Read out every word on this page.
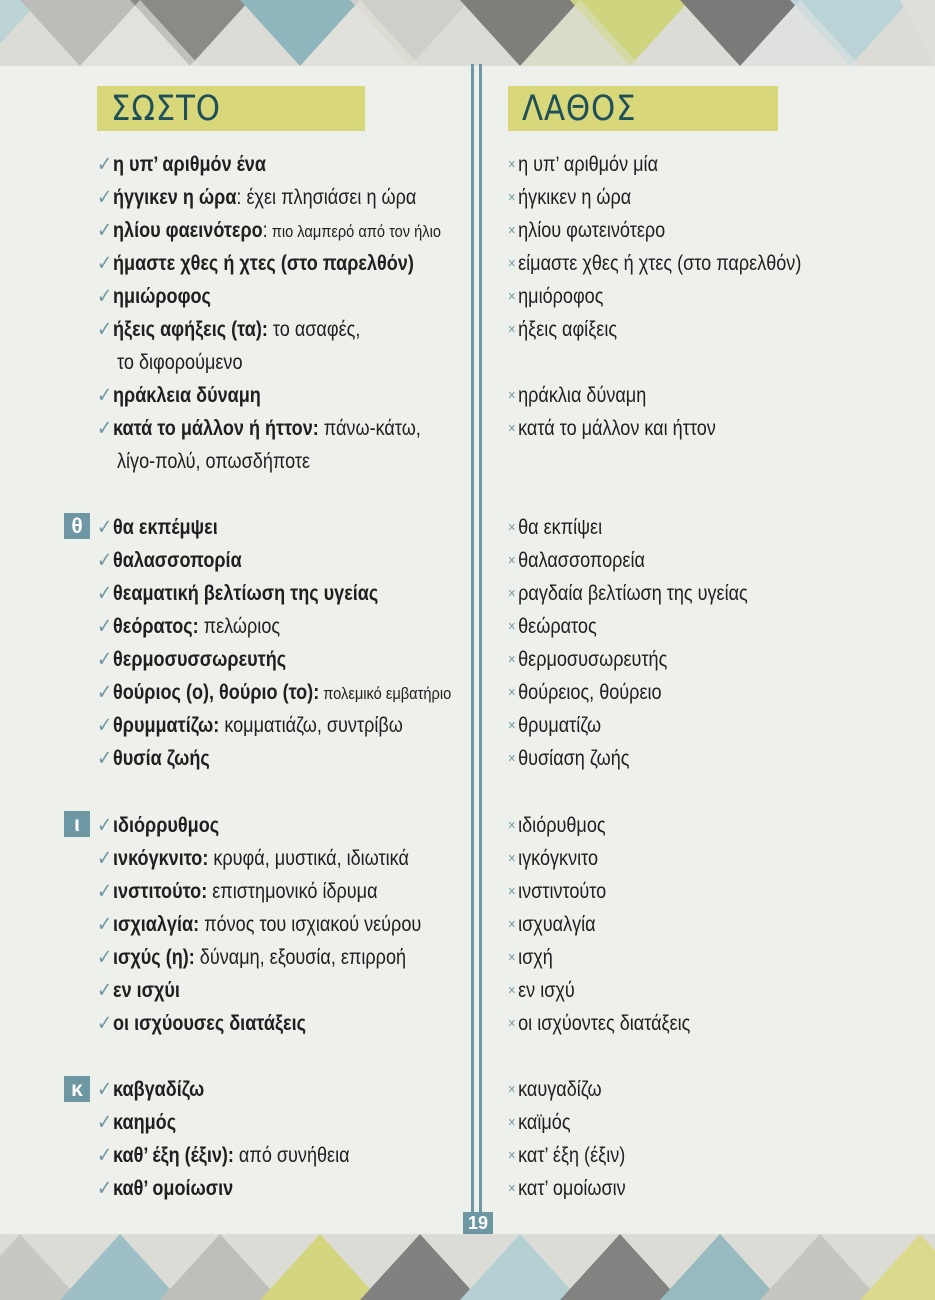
ΣΩΣΤΟ	ΛΑΘΟΣ
θ
ι
κ
✓η υπ’ αριθμόν ένα
✓ήγγικεν η ώρα: έχει πλησιάσει η ώρα
✓ηλίου φαεινότερο: πιο λαμπερό από τον ήλιο
✓ήμαστε χθες ή χτες (στο παρελθόν)
✓ημιώροφος
✓ήξεις αφήξεις (τα): το ασαφές,
το διφορούμενο
✓ηράκλεια δύναμη
✓κατά το μάλλον ή ήττον: πάνω-κάτω,
λίγο-πολύ, οπωσδήποτε
✓θα εκπέμψει
✓θαλασσοπορία
✓θεαματική βελτίωση της υγείας
✓θεόρατος: πελώριος
✓θερμοσυσσωρευτής
✓θούριος (ο), θούριο (το): πολεμικό εμβατήριο
✓θρυμματίζω: κομματιάζω, συντρίβω
✓θυσία ζωής
✓ιδιόρρυθμος
✓ινκόγκνιτο: κρυφά, μυστικά, ιδιωτικά
✓ινστιτούτο: επιστημονικό ίδρυμα
✓ισχιαλγία: πόνος του ισχιακού νεύρου
✓ισχύς (η): δύναμη, εξουσία, επιρροή
✓εν ισχύι
✓οι ισχύουσες διατάξεις
✓καβγαδίζω
✓καημός
✓καθ’ έξη (έξιν): από συνήθεια
✓καθ’ ομοίωσιν
× η υπ’ αριθμόν μία
× ήγκικεν η ώρα
× ηλίου φωτεινότερο
× είμαστε χθες ή χτες (στο παρελθόν)
× ημιόροφος
× ήξεις αφίξεις
× ηράκλια δύναμη
× κατά το μάλλον και ήττον
× θα εκπίψει
× θαλασσοπορεία
× ραγδαία βελτίωση της υγείας
× θεώρατος
× θερμοσυσωρευτής
× θούρειος, θούρειο
× θρυματίζω
× θυσίαση ζωής
× ιδιόρυθμος
× ιγκόγκνιτο
× ινστιντούτο
× ισχυαλγία
× ισχή
× εν ισχύ
× οι ισχύοντες διατάξεις
× καυγαδίζω
× καϊμός
× κατ’ έξη (έξιν)
× κατ’ ομοίωσιν
19
